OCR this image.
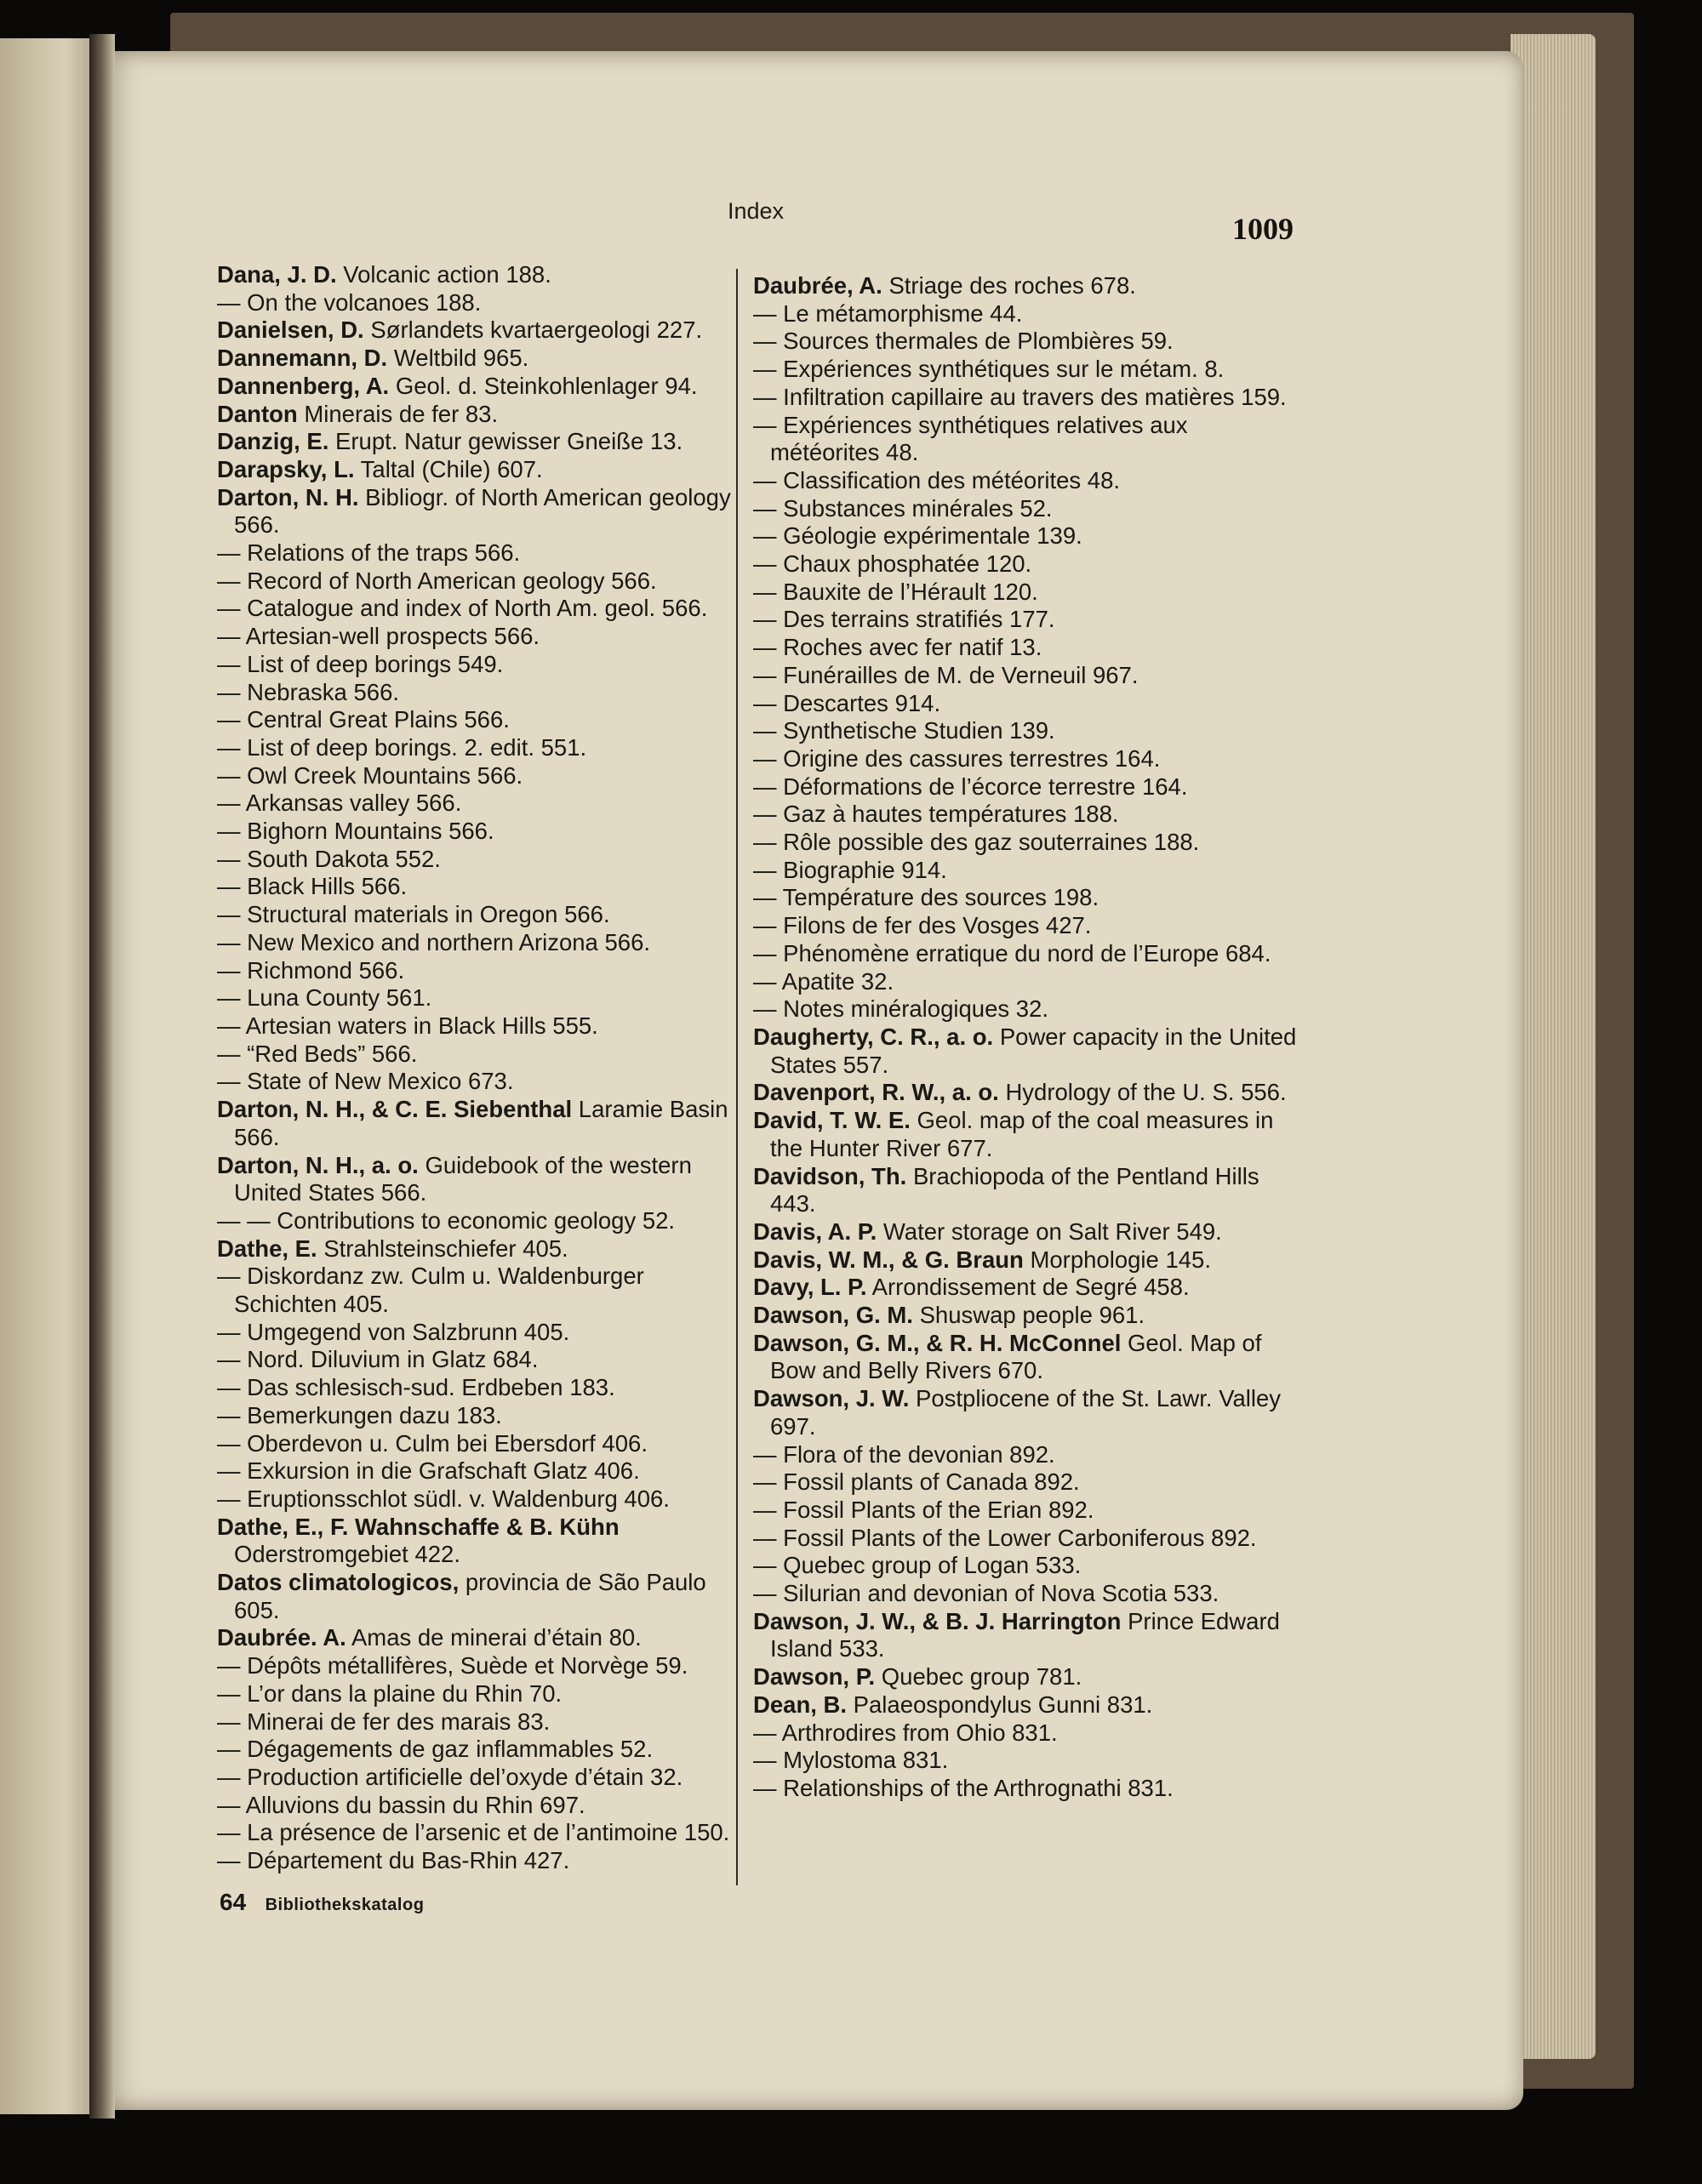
Index
1009

Dana, J. D. Volcanic action 188.

— On the volcanoes 188.

Danielsen, D. Sørlandets kvartaergeologi 227.

Dannemann, D. Weltbild 965.

Dannenberg, A. Geol. d. Steinkohlenlager 94.

Danton Minerais de fer 83.

Danzig, E. Erupt. Natur gewisser Gneiße 13.

Darapsky, L. Taltal (Chile) 607.

Darton, N. H. Bibliogr. of North American geology 566.

— Relations of the traps 566.

— Record of North American geology 566.

— Catalogue and index of North Am. geol. 566.

— Artesian-well prospects 566.

— List of deep borings 549.

— Nebraska 566.

— Central Great Plains 566.

— List of deep borings. 2. edit. 551.

— Owl Creek Mountains 566.

— Arkansas valley 566.

— Bighorn Mountains 566.

— South Dakota 552.

— Black Hills 566.

— Structural materials in Oregon 566.

— New Mexico and northern Arizona 566.

— Richmond 566.

— Luna County 561.

— Artesian waters in Black Hills 555.

— “Red Beds” 566.

— State of New Mexico 673.

Darton, N. H., & C. E. Siebenthal Laramie Basin 566.

Darton, N. H., a. o. Guidebook of the western United States 566.

— — Contributions to economic geology 52.

Dathe, E. Strahlsteinschiefer 405.

— Diskordanz zw. Culm u. Waldenburger Schichten 405.

— Umgegend von Salzbrunn 405.

— Nord. Diluvium in Glatz 684.

— Das schlesisch-sud. Erdbeben 183.

— Bemerkungen dazu 183.

— Oberdevon u. Culm bei Ebersdorf 406.

— Exkursion in die Grafschaft Glatz 406.

— Eruptionsschlot südl. v. Waldenburg 406.

Dathe, E., F. Wahnschaffe & B. Kühn Oderstromgebiet 422.

Datos climatologicos, provincia de São Paulo 605.

Daubrée. A. Amas de minerai d’étain 80.

— Dépôts métallifères, Suède et Norvège 59.

— L’or dans la plaine du Rhin 70.

— Minerai de fer des marais 83.

— Dégagements de gaz inflammables 52.

— Production artificielle del’oxyde d’étain 32.

— Alluvions du bassin du Rhin 697.

— La présence de l’arsenic et de l’antimoine 150.

— Département du Bas-Rhin 427.

Daubrée, A. Striage des roches 678.

— Le métamorphisme 44.

— Sources thermales de Plombières 59.

— Expériences synthétiques sur le métam. 8.

— Infiltration capillaire au travers des matières 159.

— Expériences synthétiques relatives aux météorites 48.

— Classification des météorites 48.

— Substances minérales 52.

— Géologie expérimentale 139.

— Chaux phosphatée 120.

— Bauxite de l’Hérault 120.

— Des terrains stratifiés 177.

— Roches avec fer natif 13.

— Funérailles de M. de Verneuil 967.

— Descartes 914.

— Synthetische Studien 139.

— Origine des cassures terrestres 164.

— Déformations de l’écorce terrestre 164.

— Gaz à hautes températures 188.

— Rôle possible des gaz souterraines 188.

— Biographie 914.

— Température des sources 198.

— Filons de fer des Vosges 427.

— Phénomène erratique du nord de l’Europe 684.

— Apatite 32.

— Notes minéralogiques 32.

Daugherty, C. R., a. o. Power capacity in the United States 557.

Davenport, R. W., a. o. Hydrology of the U. S. 556.

David, T. W. E. Geol. map of the coal measures in the Hunter River 677.

Davidson, Th. Brachiopoda of the Pentland Hills 443.

Davis, A. P. Water storage on Salt River 549.

Davis, W. M., & G. Braun Morphologie 145.

Davy, L. P. Arrondissement de Segré 458.

Dawson, G. M. Shuswap people 961.

Dawson, G. M., & R. H. McConnel Geol. Map of Bow and Belly Rivers 670.

Dawson, J. W. Postpliocene of the St. Lawr. Valley 697.

— Flora of the devonian 892.

— Fossil plants of Canada 892.

— Fossil Plants of the Erian 892.

— Fossil Plants of the Lower Carboniferous 892.

— Quebec group of Logan 533.

— Silurian and devonian of Nova Scotia 533.

Dawson, J. W., & B. J. Harrington Prince Edward Island 533.

Dawson, P. Quebec group 781.

Dean, B. Palaeospondylus Gunni 831.

— Arthrodires from Ohio 831.

— Mylostoma 831.

— Relationships of the Arthrognathi 831.

64 Bibliothekskatalog
